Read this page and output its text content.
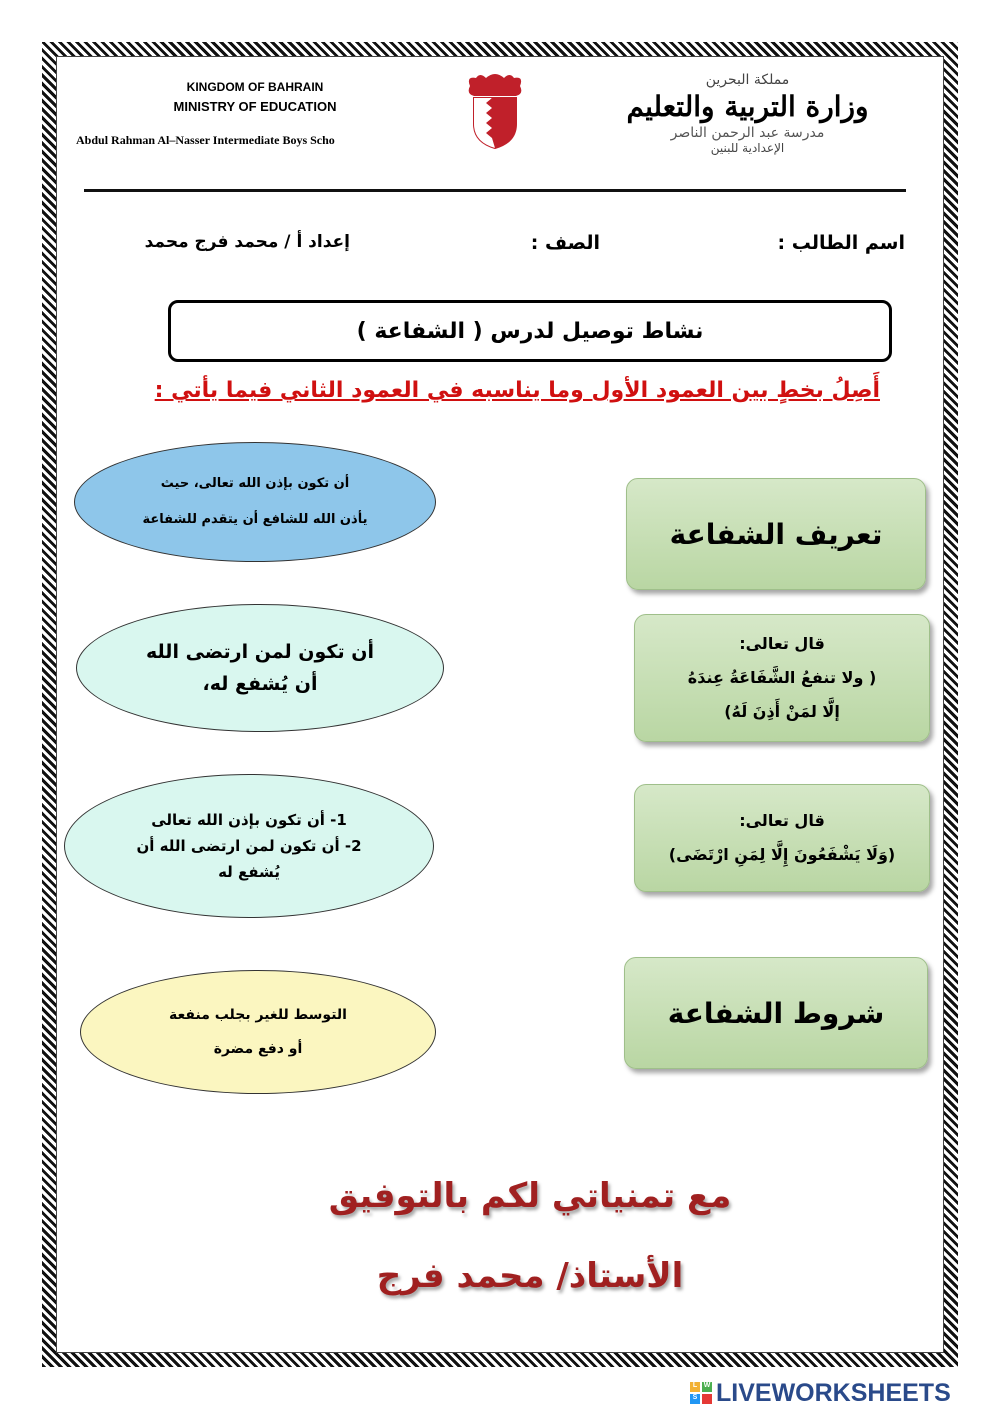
KINGDOM OF BAHRAIN
MINISTRY OF EDUCATION
Abdul Rahman Al–Nasser Intermediate Boys Scho
مملكة البحرين
وزارة التربية والتعليم
مدرسة عبد الرحمن الناصر
الإعدادية للبنين
اسم الطالب :
الصف :
إعداد أ / محمد فرج محمد
نشاط توصيل لدرس ( الشفاعة )
أَصِلُ بخطٍ بين العمود الأول وما يناسبه في العمود الثاني فيما يأتي :
تعريف الشفاعة
قال تعالى:
( ولا تنفعُ الشَّفَاعَةُ عِندَهُ
إلَّا لمَنْ أَذِنَ لَهُ)
قال تعالى:
(وَلَا يَشْفَعُونَ إِلَّا لِمَنِ ارْتَضَى)
شروط الشفاعة
أن تكون بإذن الله تعالى، حيث
يأذن الله للشافع أن يتقدم للشفاعة
أن تكون لمن ارتضى الله
أن يُشفع له،
1- أن تكون بإذن الله تعالى
2- أن تكون لمن ارتضى الله أن
يُشفع له
التوسط للغير بجلب منفعة
أو دفع مضرة
مع تمنياتي لكم بالتوفيق
الأستاذ/ محمد فرج
L W
S LIVEWORKSHEETS
